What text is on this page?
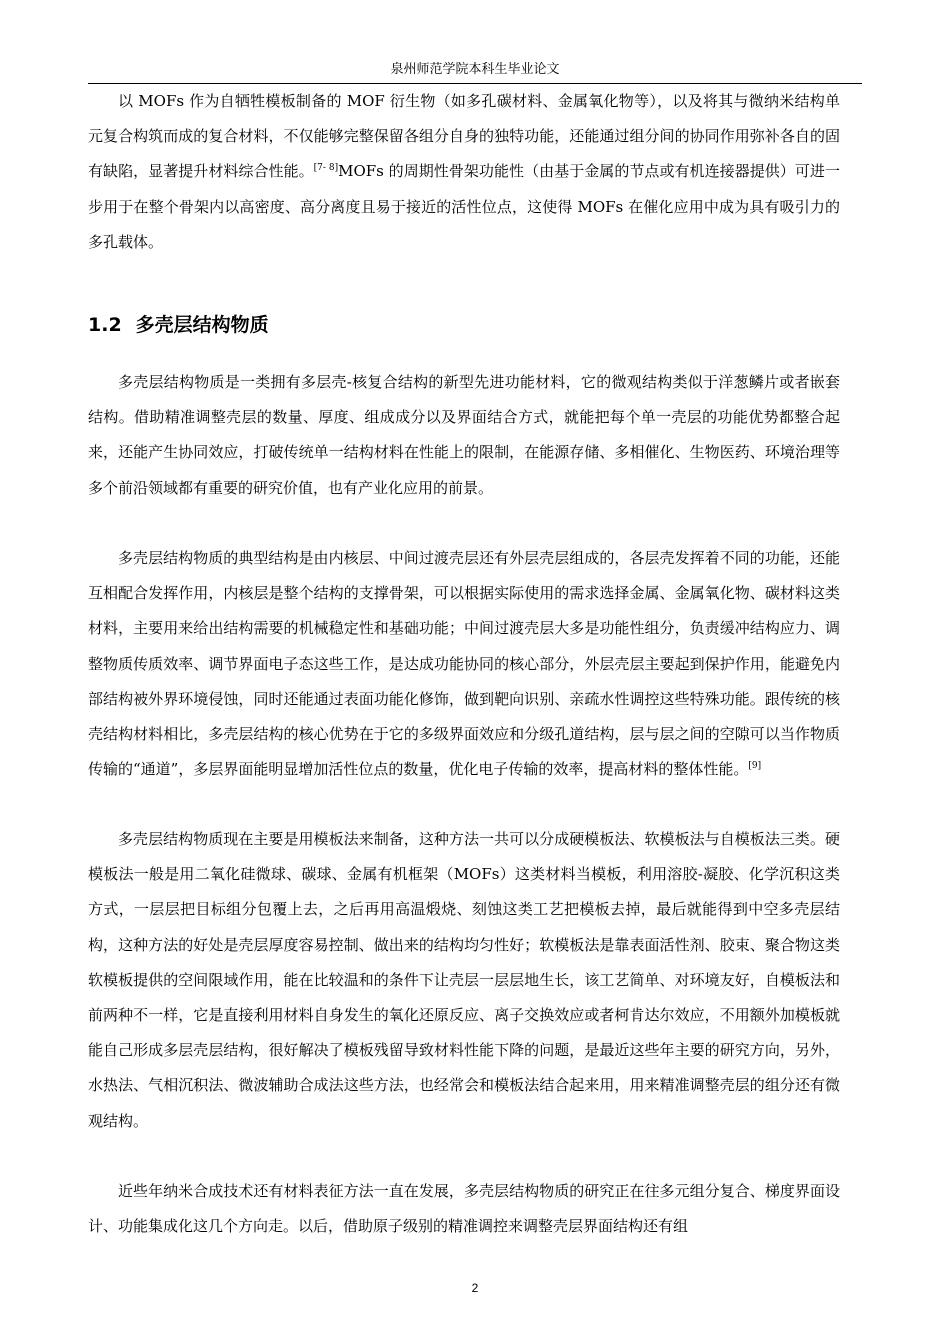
泉州师范学院本科生毕业论文

以 MOFs 作为自牺牲模板制备的 MOF 衍生物（如多孔碳材料、金属氧化物等），以及将其与微纳米结构单元复合构筑而成的复合材料，不仅能够完整保留各组分自身的独特功能，还能通过组分间的协同作用弥补各自的固有缺陷，显著提升材料综合性能。[7- 8]MOFs 的周期性骨架功能性（由基于金属的节点或有机连接器提供）可进一步用于在整个骨架内以高密度、高分离度且易于接近的活性位点，这使得 MOFs 在催化应用中成为具有吸引力的多孔载体。

1.2 多壳层结构物质

多壳层结构物质是一类拥有多层壳-核复合结构的新型先进功能材料，它的微观结构类似于洋葱鳞片或者嵌套结构。借助精准调整壳层的数量、厚度、组成成分以及界面结合方式，就能把每个单一壳层的功能优势都整合起来，还能产生协同效应，打破传统单一结构材料在性能上的限制，在能源存储、多相催化、生物医药、环境治理等多个前沿领域都有重要的研究价值，也有产业化应用的前景。

多壳层结构物质的典型结构是由内核层、中间过渡壳层还有外层壳层组成的，各层壳发挥着不同的功能，还能互相配合发挥作用，内核层是整个结构的支撑骨架，可以根据实际使用的需求选择金属、金属氧化物、碳材料这类材料，主要用来给出结构需要的机械稳定性和基础功能；中间过渡壳层大多是功能性组分，负责缓冲结构应力、调整物质传质效率、调节界面电子态这些工作，是达成功能协同的核心部分，外层壳层主要起到保护作用，能避免内部结构被外界环境侵蚀，同时还能通过表面功能化修饰，做到靶向识别、亲疏水性调控这些特殊功能。跟传统的核壳结构材料相比，多壳层结构的核心优势在于它的多级界面效应和分级孔道结构，层与层之间的空隙可以当作物质传输的“通道”，多层界面能明显增加活性位点的数量，优化电子传输的效率，提高材料的整体性能。[9]

多壳层结构物质现在主要是用模板法来制备，这种方法一共可以分成硬模板法、软模板法与自模板法三类。硬模板法一般是用二氧化硅微球、碳球、金属有机框架（MOFs）这类材料当模板，利用溶胶-凝胶、化学沉积这类方式，一层层把目标组分包覆上去，之后再用高温煅烧、刻蚀这类工艺把模板去掉，最后就能得到中空多壳层结构，这种方法的好处是壳层厚度容易控制、做出来的结构均匀性好；软模板法是靠表面活性剂、胶束、聚合物这类软模板提供的空间限域作用，能在比较温和的条件下让壳层一层层地生长，该工艺简单、对环境友好，自模板法和前两种不一样，它是直接利用材料自身发生的氧化还原反应、离子交换效应或者柯肯达尔效应，不用额外加模板就能自己形成多层壳层结构，很好解决了模板残留导致材料性能下降的问题，是最近这些年主要的研究方向，另外，水热法、气相沉积法、微波辅助合成法这些方法，也经常会和模板法结合起来用，用来精准调整壳层的组分还有微观结构。

近些年纳米合成技术还有材料表征方法一直在发展，多壳层结构物质的研究正在往多元组分复合、梯度界面设计、功能集成化这几个方向走。以后，借助原子级别的精准调控来调整壳层界面结构还有组

2
